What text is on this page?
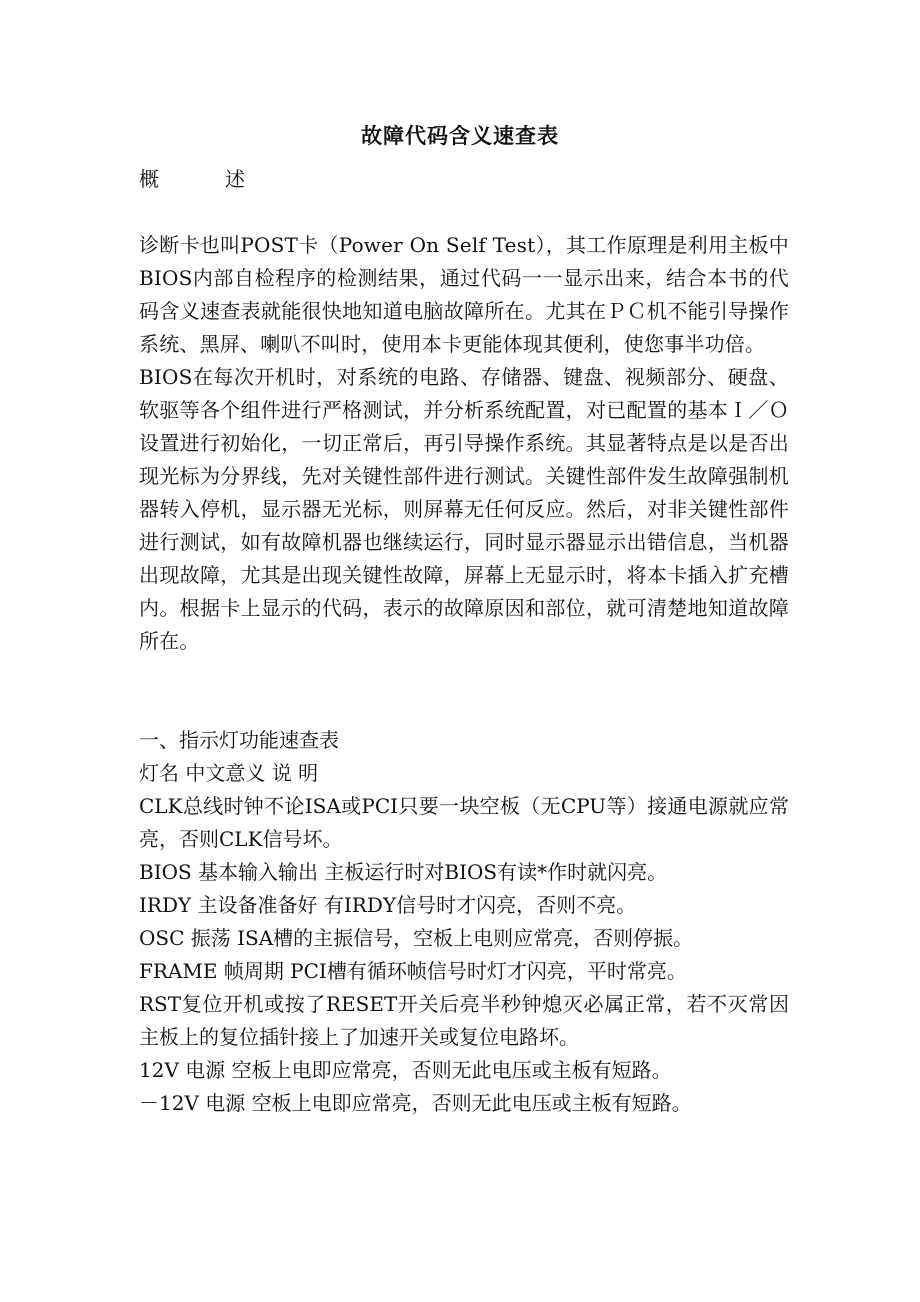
故障代码含义速查表

概	述

诊断卡也叫POST卡（Power On Self Test），其工作原理是利用主板中BIOS内部自检程序的检测结果，通过代码一一显示出来，结合本书的代码含义速查表就能很快地知道电脑故障所在。尤其在ＰＣ机不能引导操作系统、黑屏、喇叭不叫时，使用本卡更能体现其便利，使您事半功倍。

BIOS在每次开机时，对系统的电路、存储器、键盘、视频部分、硬盘、软驱等各个组件进行严格测试，并分析系统配置，对已配置的基本Ｉ／Ｏ设置进行初始化，一切正常后，再引导操作系统。其显著特点是以是否出现光标为分界线，先对关键性部件进行测试。关键性部件发生故障强制机器转入停机，显示器无光标，则屏幕无任何反应。然后，对非关键性部件进行测试，如有故障机器也继续运行，同时显示器显示出错信息，当机器出现故障，尤其是出现关键性故障，屏幕上无显示时，将本卡插入扩充槽内。根据卡上显示的代码，表示的故障原因和部位，就可清楚地知道故障所在。

一、指示灯功能速查表

灯名 中文意义 说 明

CLK总线时钟不论ISA或PCI只要一块空板（无CPU等）接通电源就应常亮，否则CLK信号坏。

BIOS 基本输入输出 主板运行时对BIOS有读*作时就闪亮。

IRDY 主设备准备好 有IRDY信号时才闪亮，否则不亮。

OSC 振荡 ISA槽的主振信号，空板上电则应常亮，否则停振。

FRAME 帧周期 PCI槽有循环帧信号时灯才闪亮，平时常亮。

RST复位开机或按了RESET开关后亮半秒钟熄灭必属正常，若不灭常因主板上的复位插针接上了加速开关或复位电路坏。

12V 电源 空板上电即应常亮，否则无此电压或主板有短路。

－12V 电源 空板上电即应常亮，否则无此电压或主板有短路。
